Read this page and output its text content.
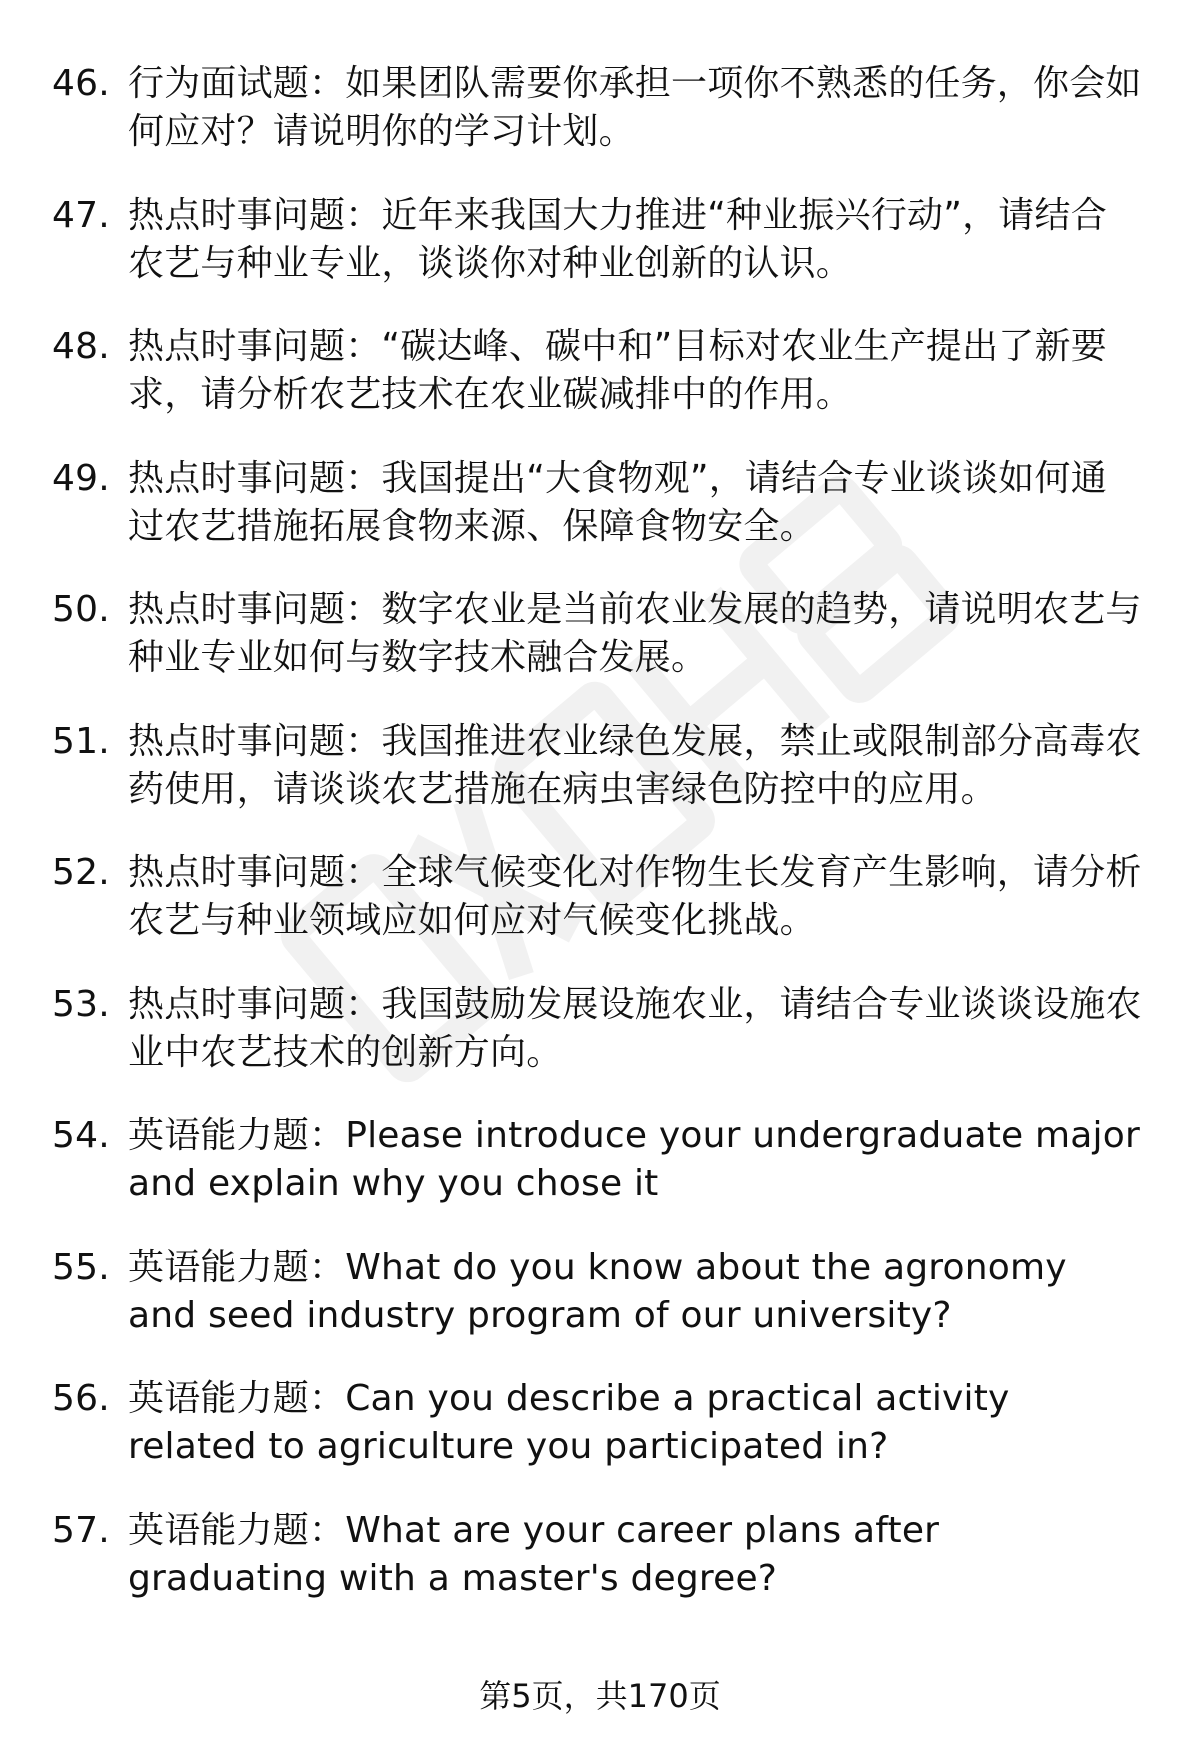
46. 行为面试题：如果团队需要你承担一项你不熟悉的任务，你会如何应对？请说明你的学习计划。
47. 热点时事问题：近年来我国大力推进“种业振兴行动”，请结合农艺与种业专业，谈谈你对种业创新的认识。
48. 热点时事问题：“碳达峰、碳中和”目标对农业生产提出了新要求，请分析农艺技术在农业碳减排中的作用。
49. 热点时事问题：我国提出“大食物观”，请结合专业谈谈如何通过农艺措施拓展食物来源、保障食物安全。
50. 热点时事问题：数字农业是当前农业发展的趋势，请说明农艺与种业专业如何与数字技术融合发展。
51. 热点时事问题：我国推进农业绿色发展，禁止或限制部分高毒农药使用，请谈谈农艺措施在病虫害绿色防控中的应用。
52. 热点时事问题：全球气候变化对作物生长发育产生影响，请分析农艺与种业领域应如何应对气候变化挑战。
53. 热点时事问题：我国鼓励发展设施农业，请结合专业谈谈设施农业中农艺技术的创新方向。
54. 英语能力题：Please introduce your undergraduate major and explain why you chose it
55. 英语能力题：What do you know about the agronomy and seed industry program of our university?
56. 英语能力题：Can you describe a practical activity related to agriculture you participated in?
57. 英语能力题：What are your career plans after graduating with a master's degree?
第5页，共170页
